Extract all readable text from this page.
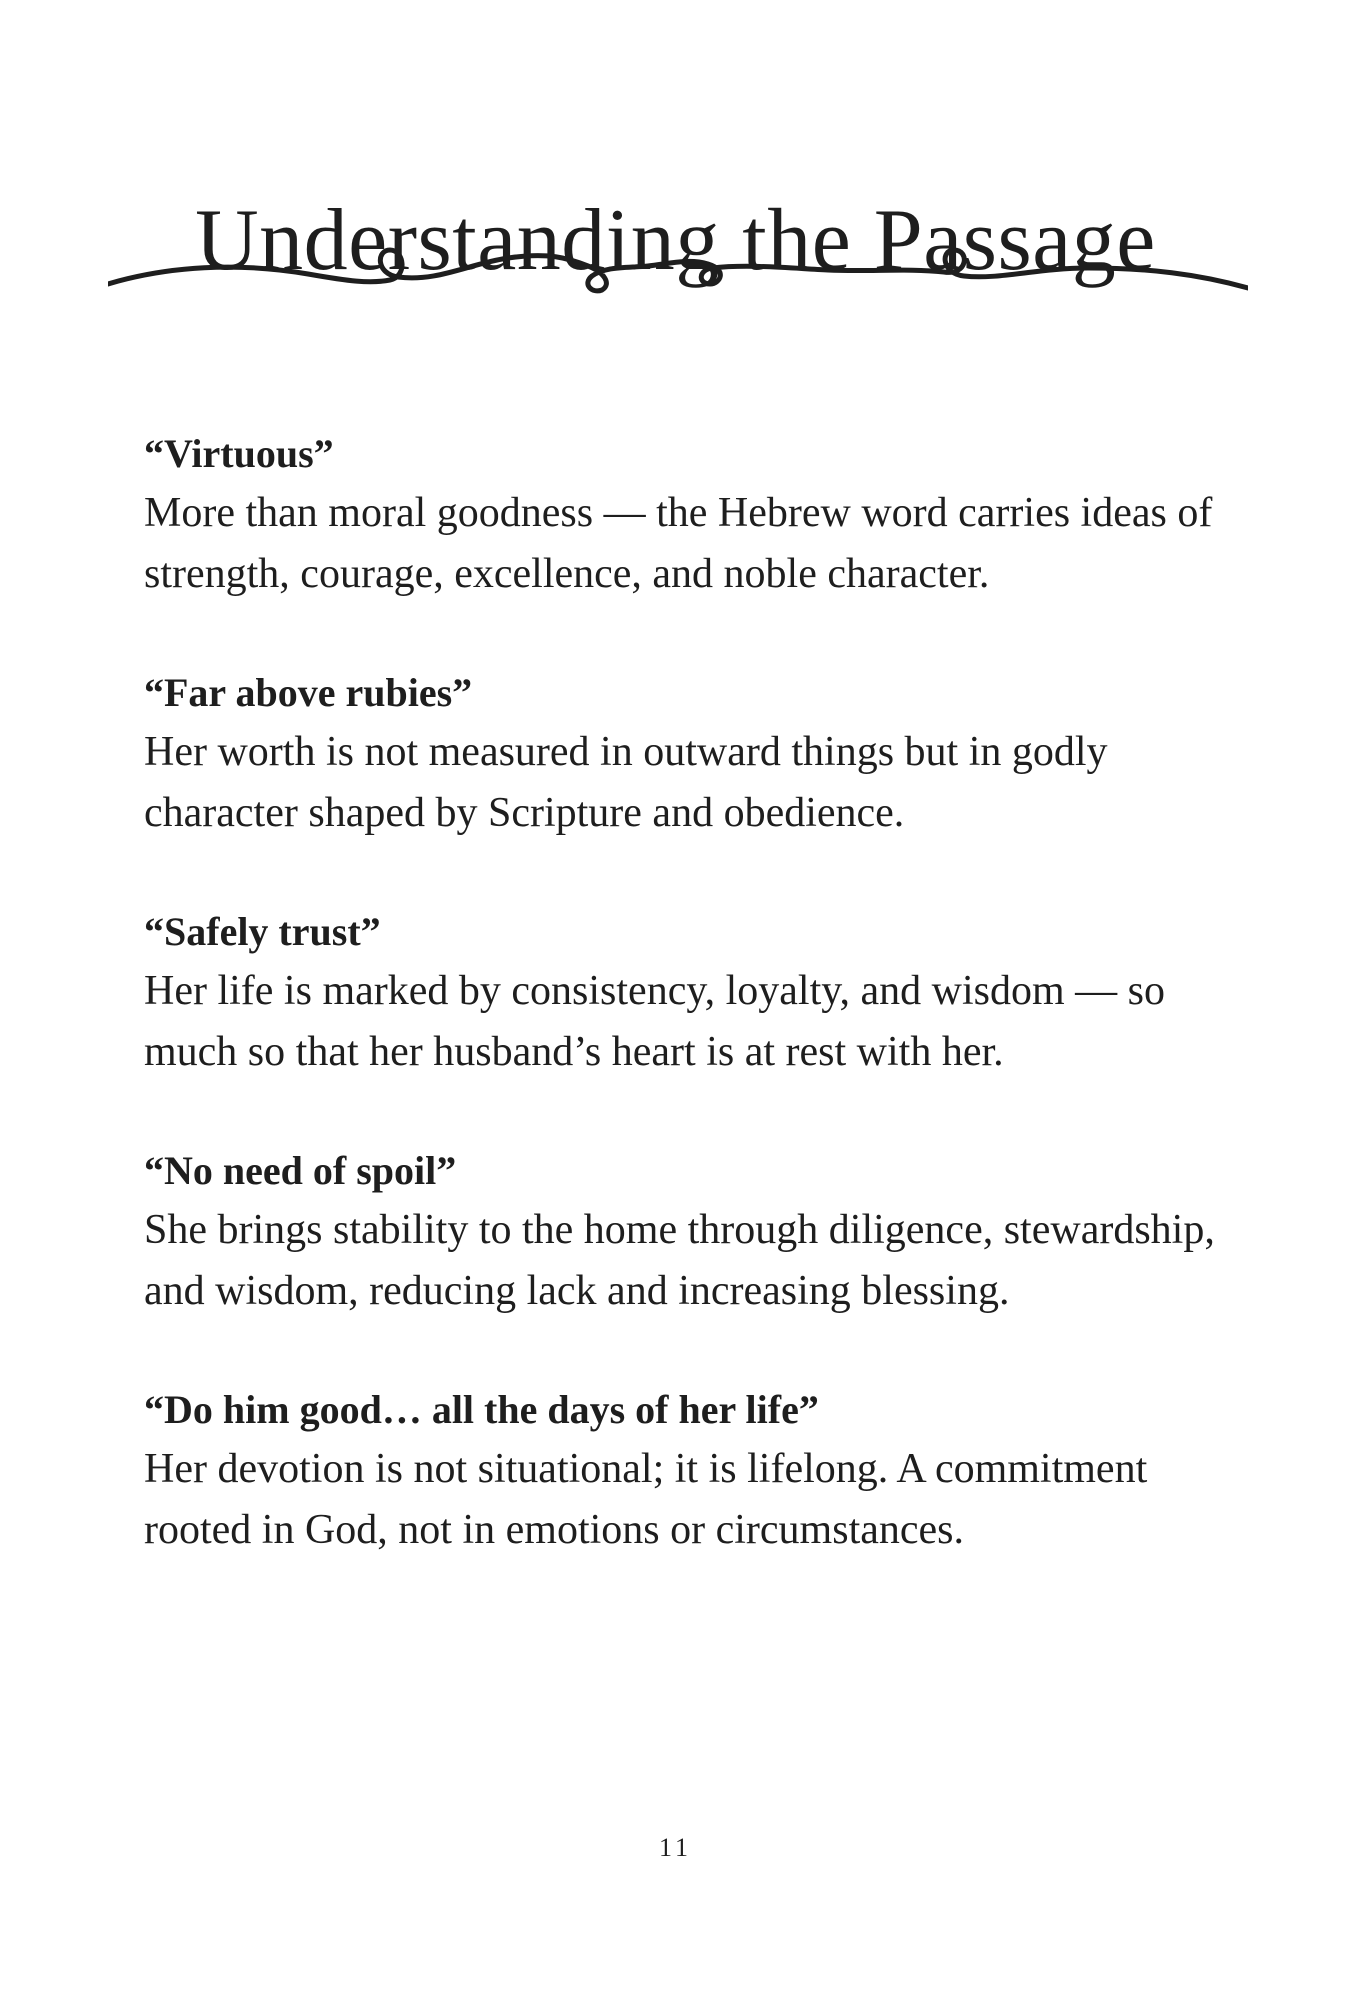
Understanding the Passage

“Virtuous”

More than moral goodness — the Hebrew word carries ideas of strength, courage, excellence, and noble character.

“Far above rubies”

Her worth is not measured in outward things but in godly character shaped by Scripture and obedience.

“Safely trust”

Her life is marked by consistency, loyalty, and wisdom — so much so that her husband’s heart is at rest with her.

“No need of spoil”

She brings stability to the home through diligence, stewardship, and wisdom, reducing lack and increasing blessing.

“Do him good… all the days of her life”

Her devotion is not situational; it is lifelong. A commitment rooted in God, not in emotions or circumstances.

11
